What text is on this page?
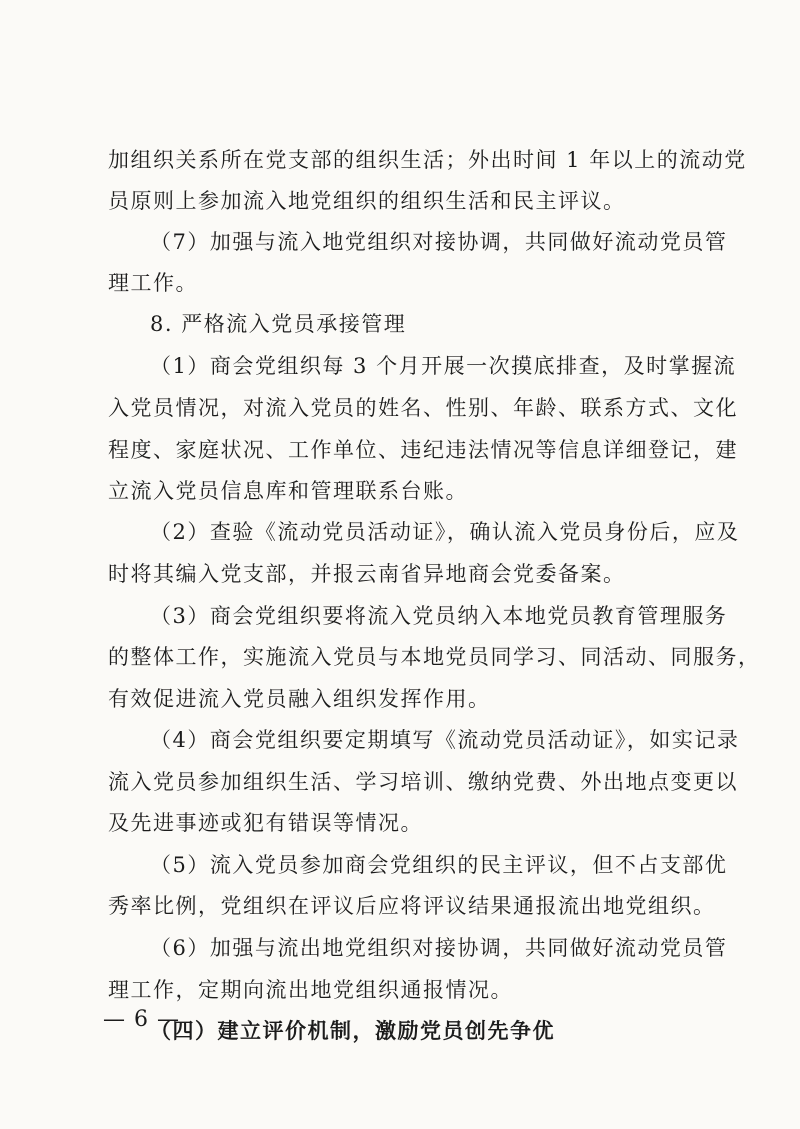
加组织关系所在党支部的组织生活；外出时间 1 年以上的流动党
员原则上参加流入地党组织的组织生活和民主评议。
（7）加强与流入地党组织对接协调，共同做好流动党员管
理工作。
8. 严格流入党员承接管理
（1）商会党组织每 3 个月开展一次摸底排查，及时掌握流
入党员情况，对流入党员的姓名、性别、年龄、联系方式、文化
程度、家庭状况、工作单位、违纪违法情况等信息详细登记，建
立流入党员信息库和管理联系台账。
（2）查验《流动党员活动证》，确认流入党员身份后，应及
时将其编入党支部，并报云南省异地商会党委备案。
（3）商会党组织要将流入党员纳入本地党员教育管理服务
的整体工作，实施流入党员与本地党员同学习、同活动、同服务，
有效促进流入党员融入组织发挥作用。
（4）商会党组织要定期填写《流动党员活动证》，如实记录
流入党员参加组织生活、学习培训、缴纳党费、外出地点变更以
及先进事迹或犯有错误等情况。
（5）流入党员参加商会党组织的民主评议，但不占支部优
秀率比例，党组织在评议后应将评议结果通报流出地党组织。
（6）加强与流出地党组织对接协调，共同做好流动党员管
理工作，定期向流出地党组织通报情况。
（四）建立评价机制，激励党员创先争优
— 6 —
